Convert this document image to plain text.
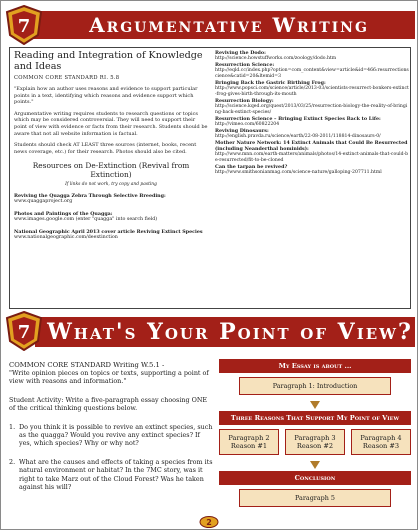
Argumentative Writing
7
Reading and Integration of Knowledge and Ideas
COMMON CORE STANDARD RI. 5.8
"Explain how an author uses reasons and evidence to support particular points in a text, identifying which reasons and evidence support which points."
Argumentative writing requires students to research questions or topics which may be considered controversial. They will need to support their point of view with evidence or facts from their research. Students should be aware that not all website information is factual.
Students should check AT LEAST three sources (internet, books, recent news coverage, etc.) for their research. Photos should also be cited.
Resources on De-Extinction (Revival from Extinction)
If links do not work, try copy and pasting
Reviving the Quagga Zebra Through Selective Breeding:
www.quaggaproject.org
Photos and Paintings of the Quagga:
www.images.google.com (enter "quagga" into search field)
National Geographic April 2013 cover article Reviving Extinct Species
www.nationalgeographic.com/deextinction
Reviving the Dodo:
http://science.howstuffworks.com/zoology/dodo.htm
Resurrection Science:
http://eqld.cc/index.php?option=com_content&view=article&id=466:resurrectionscience&catid=20&ltemid=3
Bringing Back the Gastric Birthing Frog:
http://www.popsci.com/science/article/2013-03/scientists-resurrect-bonkers-extinct-frog-gives-birth-through-its-mouth
Resurrection Biology:
http://science.kqed.org/quest/2013/03/25/resurrection-biology-the-reality-of-bringing-back-extinct-species/
Resurrection Science – Bringing Extinct Species Back to Life:
http://vimeo.com/60822204
Reviving Dinosaurs:
http://english.pravda.ru/science/earth/22-08-2011/118814-dinosaurs-0/
Mother Nature Network: 14 Extinct Animals that Could Be Resurrected (including Neanderthal hominids):
http://www.mnn.com/earth-matters/animals/photos/14-extinct-animals-that-could-be-resurrected/fit-to-be-cloned
Can the tarpan be revived?
http://www.smithsonianmag.com/science-nature/galloping-207711.html
What's Your Point of View?
7
COMMON CORE STANDARD Writing W.5.1 -
"Write opinion pieces on topics or texts, supporting a point of view with reasons and information."
Student Activity: Write a five-paragraph essay choosing ONE of the critical thinking questions below.
1. Do you think it is possible to revive an extinct species, such as the quagga? Would you revive any extinct species? If yes, which species? Why or why not?
2. What are the causes and effects of taking a species from its natural environment or habitat? In the 7MC story, was it right to take Marz out of the Cloud Forest? Was he taken against his will?
My Essay is about ...
Paragraph 1: Introduction
Three Reasons That Support My Point of View
Paragraph 2
Reason #1
Paragraph 3
Reason #2
Paragraph 4
Reason #3
Conclusion
Paragraph 5
2
